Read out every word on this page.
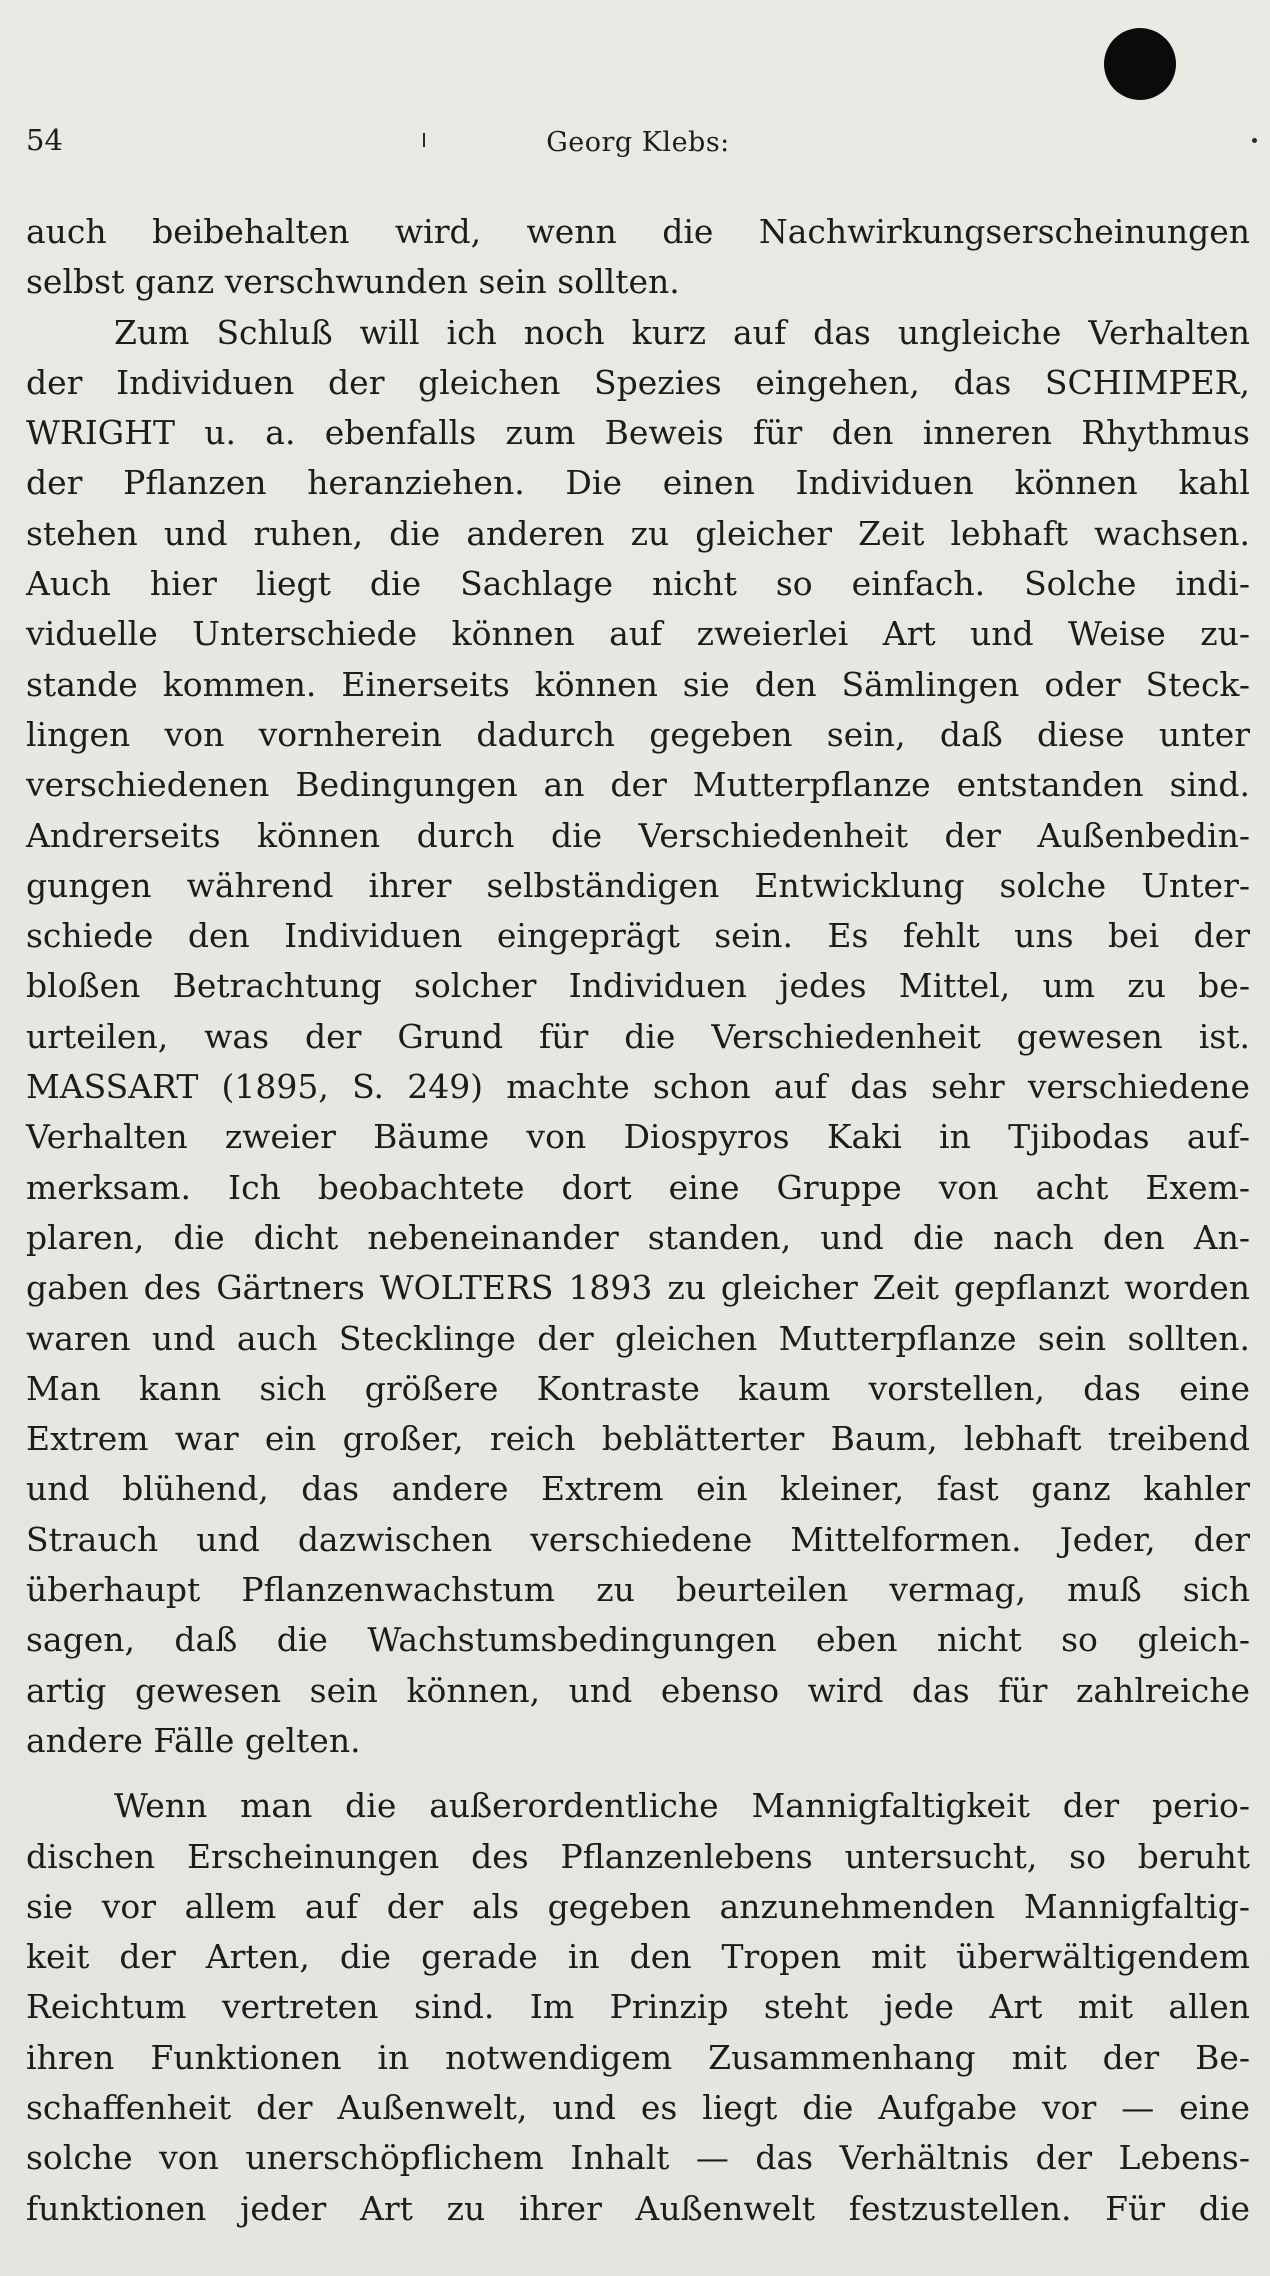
54	Georg Klebs:
auch beibehalten wird, wenn die Nachwirkungserscheinungen
selbst ganz verschwunden sein sollten.
Zum Schluß will ich noch kurz auf das ungleiche Verhalten
der Individuen der gleichen Spezies eingehen, das SCHIMPER,
WRIGHT u. a. ebenfalls zum Beweis für den inneren Rhythmus
der Pflanzen heranziehen. Die einen Individuen können kahl
stehen und ruhen, die anderen zu gleicher Zeit lebhaft wachsen.
Auch hier liegt die Sachlage nicht so einfach. Solche indi-
viduelle Unterschiede können auf zweierlei Art und Weise zu-
stande kommen. Einerseits können sie den Sämlingen oder Steck-
lingen von vornherein dadurch gegeben sein, daß diese unter
verschiedenen Bedingungen an der Mutterpflanze entstanden sind.
Andrerseits können durch die Verschiedenheit der Außenbedin-
gungen während ihrer selbständigen Entwicklung solche Unter-
schiede den Individuen eingeprägt sein. Es fehlt uns bei der
bloßen Betrachtung solcher Individuen jedes Mittel, um zu be-
urteilen, was der Grund für die Verschiedenheit gewesen ist.
MASSART (1895, S. 249) machte schon auf das sehr verschiedene
Verhalten zweier Bäume von Diospyros Kaki in Tjibodas auf-
merksam. Ich beobachtete dort eine Gruppe von acht Exem-
plaren, die dicht nebeneinander standen, und die nach den An-
gaben des Gärtners WOLTERS 1893 zu gleicher Zeit gepflanzt worden
waren und auch Stecklinge der gleichen Mutterpflanze sein sollten.
Man kann sich größere Kontraste kaum vorstellen, das eine
Extrem war ein großer, reich beblätterter Baum, lebhaft treibend
und blühend, das andere Extrem ein kleiner, fast ganz kahler
Strauch und dazwischen verschiedene Mittelformen. Jeder, der
überhaupt Pflanzenwachstum zu beurteilen vermag, muß sich
sagen, daß die Wachstumsbedingungen eben nicht so gleich-
artig gewesen sein können, und ebenso wird das für zahlreiche
andere Fälle gelten.
Wenn man die außerordentliche Mannigfaltigkeit der perio-
dischen Erscheinungen des Pflanzenlebens untersucht, so beruht
sie vor allem auf der als gegeben anzunehmenden Mannigfaltig-
keit der Arten, die gerade in den Tropen mit überwältigendem
Reichtum vertreten sind. Im Prinzip steht jede Art mit allen
ihren Funktionen in notwendigem Zusammenhang mit der Be-
schaffenheit der Außenwelt, und es liegt die Aufgabe vor — eine
solche von unerschöpflichem Inhalt — das Verhältnis der Lebens-
funktionen jeder Art zu ihrer Außenwelt festzustellen. Für die
